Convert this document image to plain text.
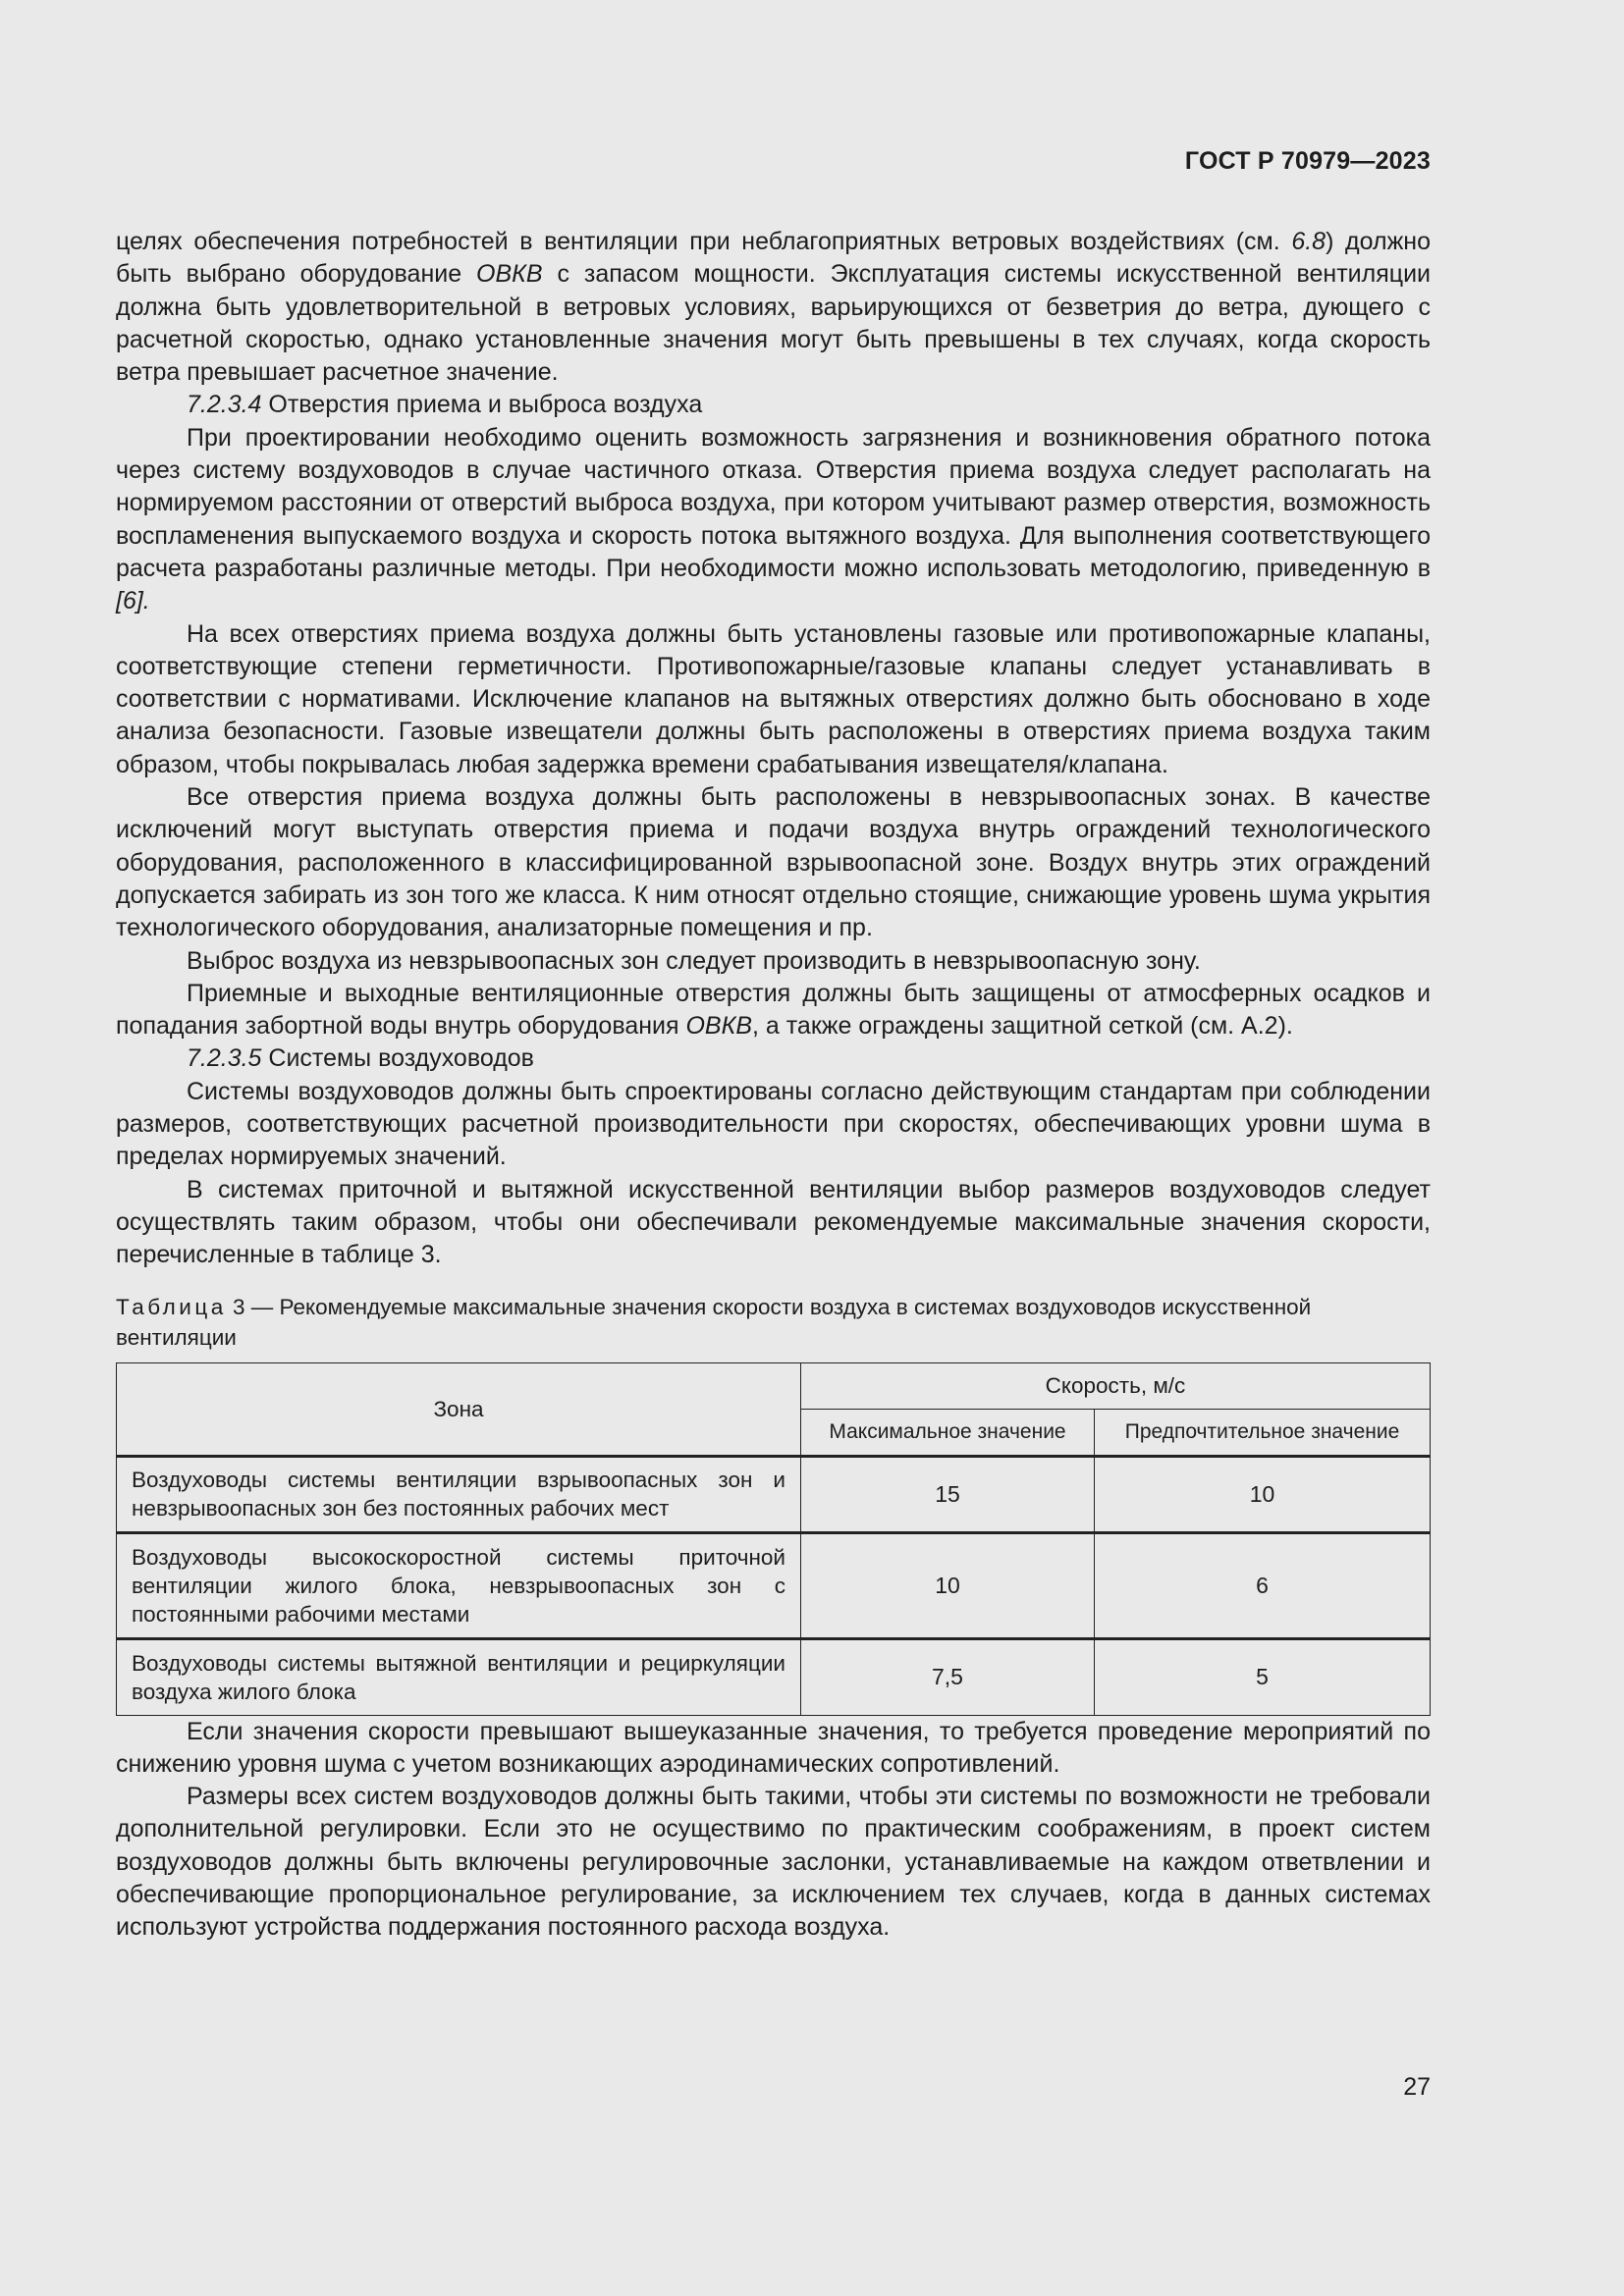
ГОСТ Р 70979—2023

целях обеспечения потребностей в вентиляции при неблагоприятных ветровых воздействиях (см. 6.8) должно быть выбрано оборудование ОВКВ с запасом мощности. Эксплуатация системы искусственной вентиляции должна быть удовлетворительной в ветровых условиях, варьирующихся от безветрия до ветра, дующего с расчетной скоростью, однако установленные значения могут быть превышены в тех случаях, когда скорость ветра превышает расчетное значение.

7.2.3.4 Отверстия приема и выброса воздуха

При проектировании необходимо оценить возможность загрязнения и возникновения обратного потока через систему воздуховодов в случае частичного отказа. Отверстия приема воздуха следует располагать на нормируемом расстоянии от отверстий выброса воздуха, при котором учитывают размер отверстия, возможность воспламенения выпускаемого воздуха и скорость потока вытяжного воздуха. Для выполнения соответствующего расчета разработаны различные методы. При необходимости можно использовать методологию, приведенную в [6].

На всех отверстиях приема воздуха должны быть установлены газовые или противопожарные клапаны, соответствующие степени герметичности. Противопожарные/газовые клапаны следует устанавливать в соответствии с нормативами. Исключение клапанов на вытяжных отверстиях должно быть обосновано в ходе анализа безопасности. Газовые извещатели должны быть расположены в отверстиях приема воздуха таким образом, чтобы покрывалась любая задержка времени срабатывания извещателя/клапана.

Все отверстия приема воздуха должны быть расположены в невзрывоопасных зонах. В качестве исключений могут выступать отверстия приема и подачи воздуха внутрь ограждений технологического оборудования, расположенного в классифицированной взрывоопасной зоне. Воздух внутрь этих ограждений допускается забирать из зон того же класса. К ним относят отдельно стоящие, снижающие уровень шума укрытия технологического оборудования, анализаторные помещения и пр.

Выброс воздуха из невзрывоопасных зон следует производить в невзрывоопасную зону.

Приемные и выходные вентиляционные отверстия должны быть защищены от атмосферных осадков и попадания забортной воды внутрь оборудования ОВКВ, а также ограждены защитной сеткой (см. А.2).

7.2.3.5 Системы воздуховодов

Системы воздуховодов должны быть спроектированы согласно действующим стандартам при соблюдении размеров, соответствующих расчетной производительности при скоростях, обеспечивающих уровни шума в пределах нормируемых значений.

В системах приточной и вытяжной искусственной вентиляции выбор размеров воздуховодов следует осуществлять таким образом, чтобы они обеспечивали рекомендуемые максимальные значения скорости, перечисленные в таблице 3.

Таблица 3 — Рекомендуемые максимальные значения скорости воздуха в системах воздуховодов искусственной вентиляции
Зона	Скорость, м/с	
	Максимальное значение	Предпочтительное значение
Воздуховоды системы вентиляции взрывоопасных зон и невзрывоопасных зон без постоянных рабочих мест	15	10
Воздуховоды высокоскоростной системы приточной вентиляции жилого блока, невзрывоопасных зон с постоянными рабочими местами	10	6
Воздуховоды системы вытяжной вентиляции и рециркуляции воздуха жилого блока	7,5	5

Если значения скорости превышают вышеуказанные значения, то требуется проведение мероприятий по снижению уровня шума с учетом возникающих аэродинамических сопротивлений.

Размеры всех систем воздуховодов должны быть такими, чтобы эти системы по возможности не требовали дополнительной регулировки. Если это не осуществимо по практическим соображениям, в проект систем воздуховодов должны быть включены регулировочные заслонки, устанавливаемые на каждом ответвлении и обеспечивающие пропорциональное регулирование, за исключением тех случаев, когда в данных системах используют устройства поддержания постоянного расхода воздуха.

27
